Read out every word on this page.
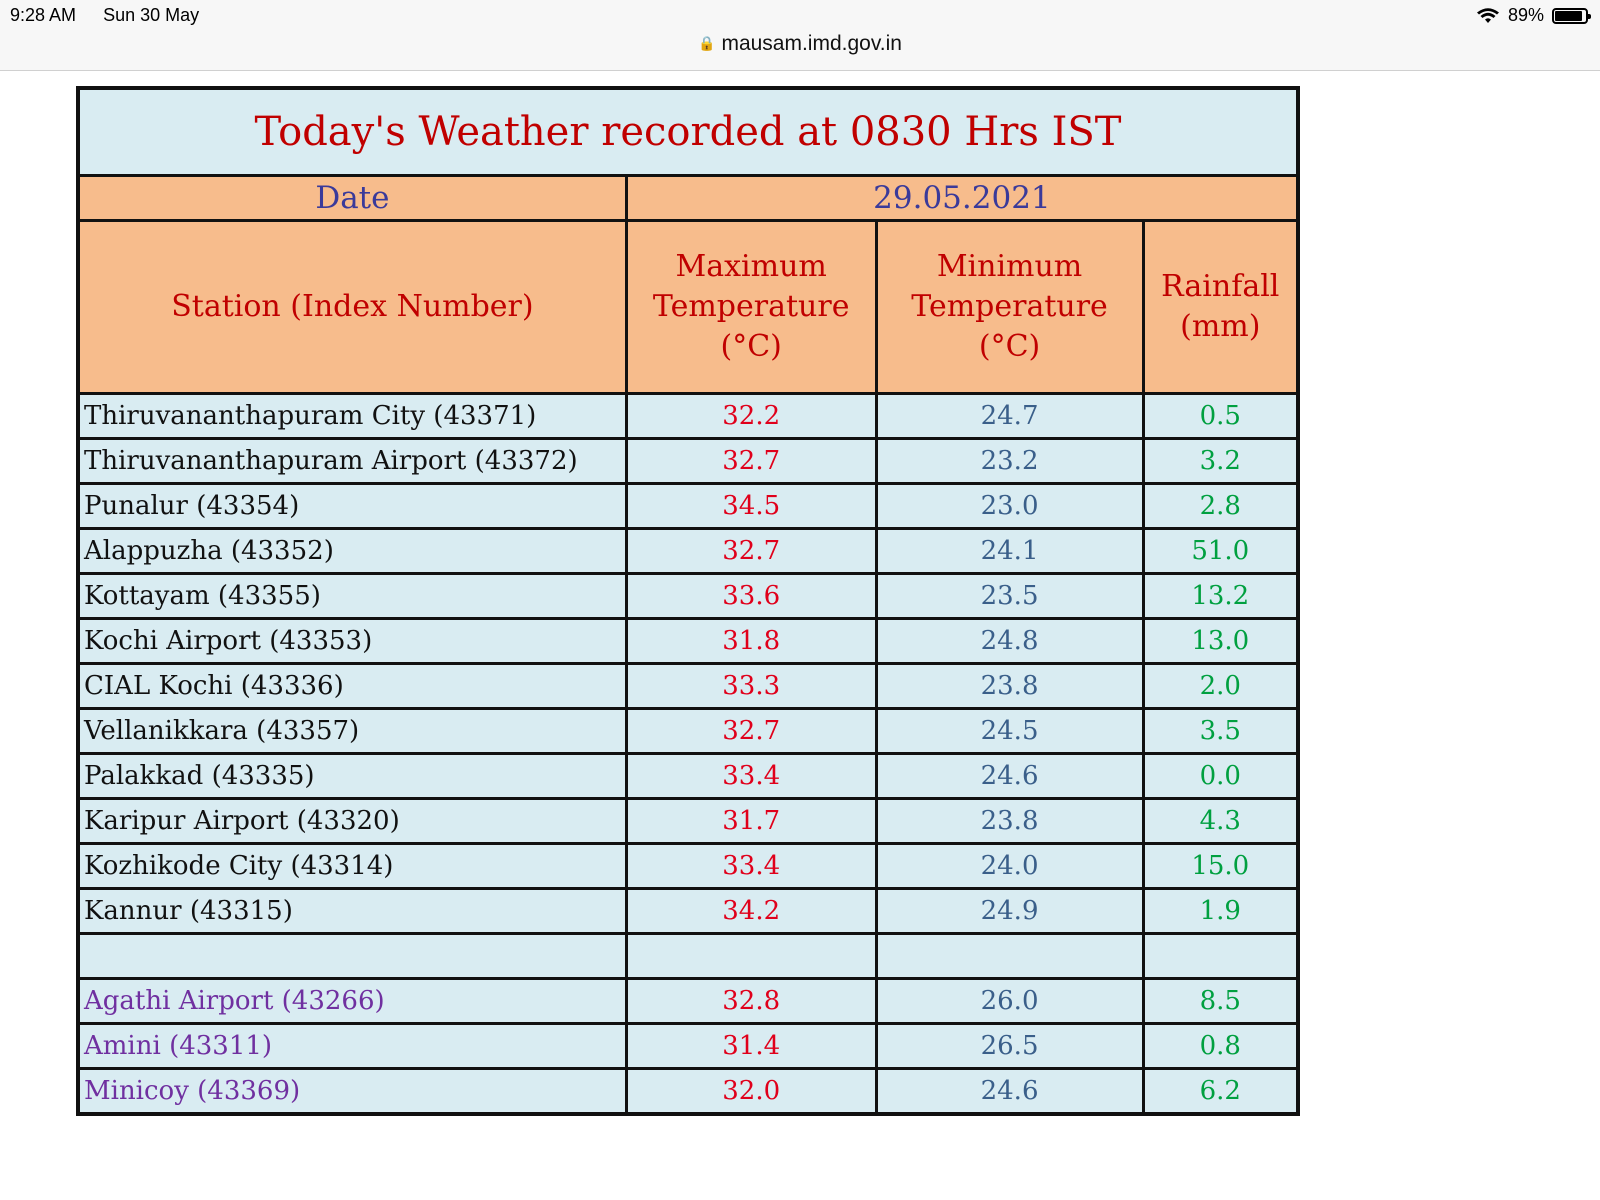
9:28 AM Sun 30 May	89%
🔒 mausam.imd.gov.in
Today's Weather recorded at 0830 Hrs IST			
Date	29.05.2021		
Station (Index Number)	Maximum Temperature (°C)	Minimum Temperature (°C)	Rainfall (mm)
Thiruvananthapuram City (43371)	32.2	24.7	0.5
Thiruvananthapuram Airport (43372)	32.7	23.2	3.2
Punalur (43354)	34.5	23.0	2.8
Alappuzha (43352)	32.7	24.1	51.0
Kottayam (43355)	33.6	23.5	13.2
Kochi Airport (43353)	31.8	24.8	13.0
CIAL Kochi (43336)	33.3	23.8	2.0
Vellanikkara (43357)	32.7	24.5	3.5
Palakkad (43335)	33.4	24.6	0.0
Karipur Airport (43320)	31.7	23.8	4.3
Kozhikode City (43314)	33.4	24.0	15.0
Kannur (43315)	34.2	24.9	1.9

Agathi Airport (43266)	32.8	26.0	8.5
Amini (43311)	31.4	26.5	0.8
Minicoy (43369)	32.0	24.6	6.2
